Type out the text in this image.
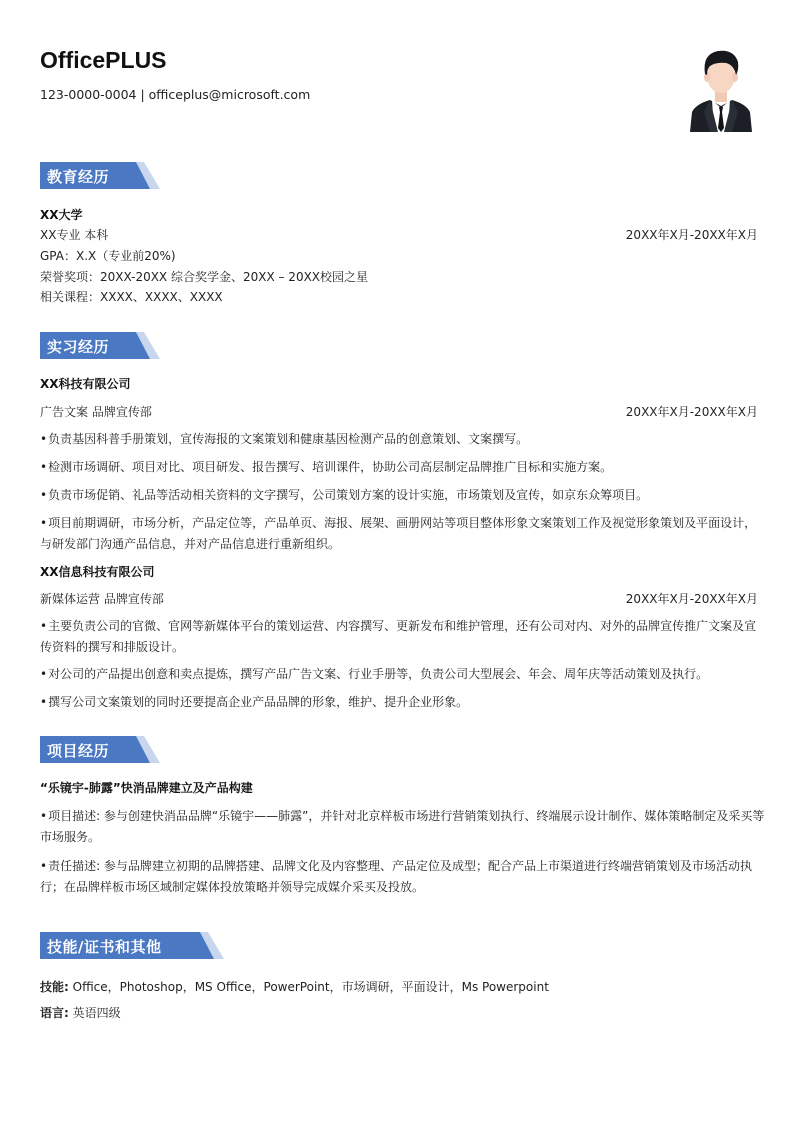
OfficePLUS
123-0000-0004 | officeplus@microsoft.com
教育经历
XX大学
XX专业 本科	20XX年X月-20XX年X月
GPA：X.X（专业前20%)
荣誉奖项：20XX-20XX 综合奖学金、20XX – 20XX校园之星
相关课程：XXXX、XXXX、XXXX
实习经历
XX科技有限公司
广告文案 品牌宣传部	20XX年X月-20XX年X月
• 负责基因科普手册策划，宣传海报的文案策划和健康基因检测产品的创意策划、文案撰写。
• 检测市场调研、项目对比、项目研发、报告撰写、培训课件，协助公司高层制定品牌推广目标和实施方案。
• 负责市场促销、礼品等活动相关资料的文字撰写，公司策划方案的设计实施，市场策划及宣传，如京东众筹项目。
• 项目前期调研，市场分析，产品定位等，产品单页、海报、展架、画册网站等项目整体形象文案策划工作及视觉形象策划及平面设计，与研发部门沟通产品信息，并对产品信息进行重新组织。
XX信息科技有限公司
新媒体运营 品牌宣传部	20XX年X月-20XX年X月
• 主要负责公司的官微、官网等新媒体平台的策划运营、内容撰写、更新发布和维护管理，还有公司对内、对外的品牌宣传推广文案及宣传资料的撰写和排版设计。
• 对公司的产品提出创意和卖点提炼，撰写产品广告文案、行业手册等，负责公司大型展会、年会、周年庆等活动策划及执行。
• 撰写公司文案策划的同时还要提高企业产品品牌的形象，维护、提升企业形象。
项目经历
“乐镜宇-肺露”快消品牌建立及产品构建
• 项目描述: 参与创建快消品品牌“乐镜宇——肺露”，并针对北京样板市场进行营销策划执行、终端展示设计制作、媒体策略制定及采买等市场服务。
• 责任描述: 参与品牌建立初期的品牌搭建、品牌文化及内容整理、产品定位及成型；配合产品上市渠道进行终端营销策划及市场活动执行；在品牌样板市场区域制定媒体投放策略并领导完成媒介采买及投放。
技能/证书和其他
技能: Office，Photoshop，MS Office，PowerPoint，市场调研，平面设计，Ms Powerpoint
语言: 英语四级
